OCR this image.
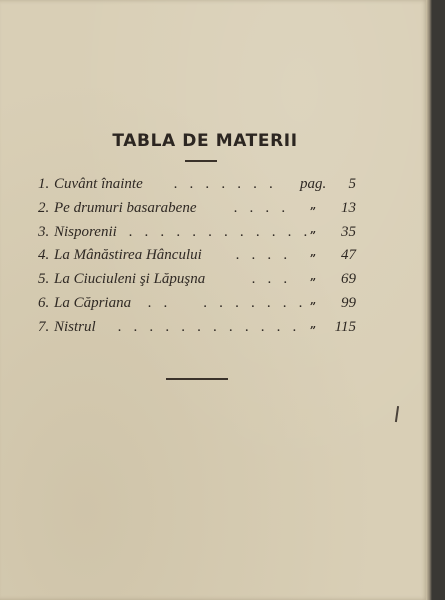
TABLA DE MATERII
1. Cuvânt înainte . . . . . . . pag. 5
2. Pe drumuri basarabene	. . . . „ 13
3. Nisporenii . . . . . . . . . . . .
„ 35
4. La Mânăstirea Hâncului . . . . „ 47
5. La Ciuciuleni şi Lăpuşna	. . . „ 69
6. La Căpriana . .    . . . . . . . „ 99
7. Nistrul . . . . . . . . . . . . „ 115
